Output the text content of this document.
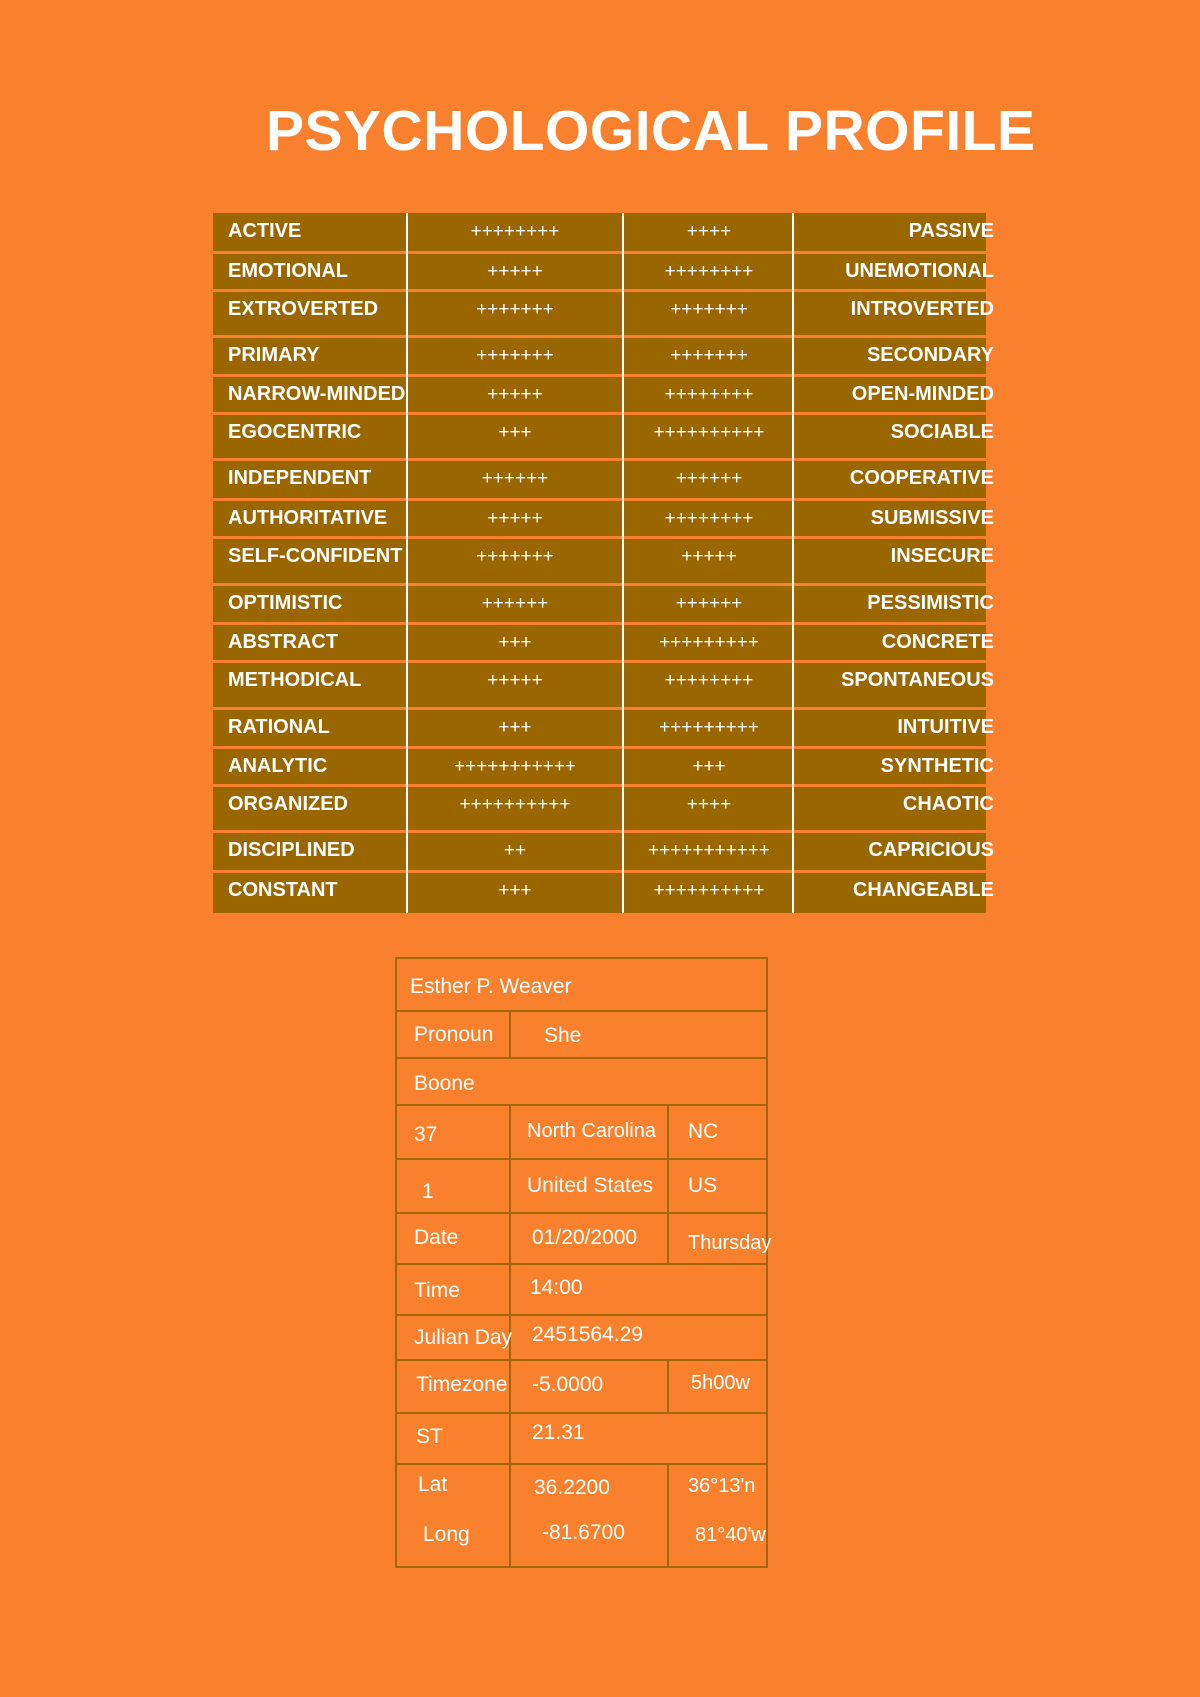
PSYCHOLOGICAL PROFILE
ACTIVE	++++++++	++++	PASSIVE
EMOTIONAL	+++++	++++++++	UNEMOTIONAL
EXTROVERTED	+++++++	+++++++	INTROVERTED
PRIMARY	+++++++	+++++++	SECONDARY
NARROW-MINDED	+++++	++++++++	OPEN-MINDED
EGOCENTRIC	+++	++++++++++	SOCIABLE
INDEPENDENT	++++++	++++++	COOPERATIVE
AUTHORITATIVE	+++++	++++++++	SUBMISSIVE
SELF-CONFIDENT	+++++++	+++++	INSECURE
OPTIMISTIC	++++++	++++++	PESSIMISTIC
ABSTRACT	+++	+++++++++	CONCRETE
METHODICAL	+++++	++++++++	SPONTANEOUS
RATIONAL	+++	+++++++++	INTUITIVE
ANALYTIC	+++++++++++	+++	SYNTHETIC
ORGANIZED	++++++++++	++++	CHAOTIC
DISCIPLINED	++	+++++++++++	CAPRICIOUS
CONSTANT	+++	++++++++++	CHANGEABLE
Esther P. Weaver
Pronoun She
Boone
37	North Carolina NC
1	United States US
Date	01/20/2000	Thursday
Time	14:00
Julian Day 2451564.29
Timezone -5.0000	5h00w
ST	21.31
Lat	36.2200	36°13'n
Long	-81.6700	81°40'w
